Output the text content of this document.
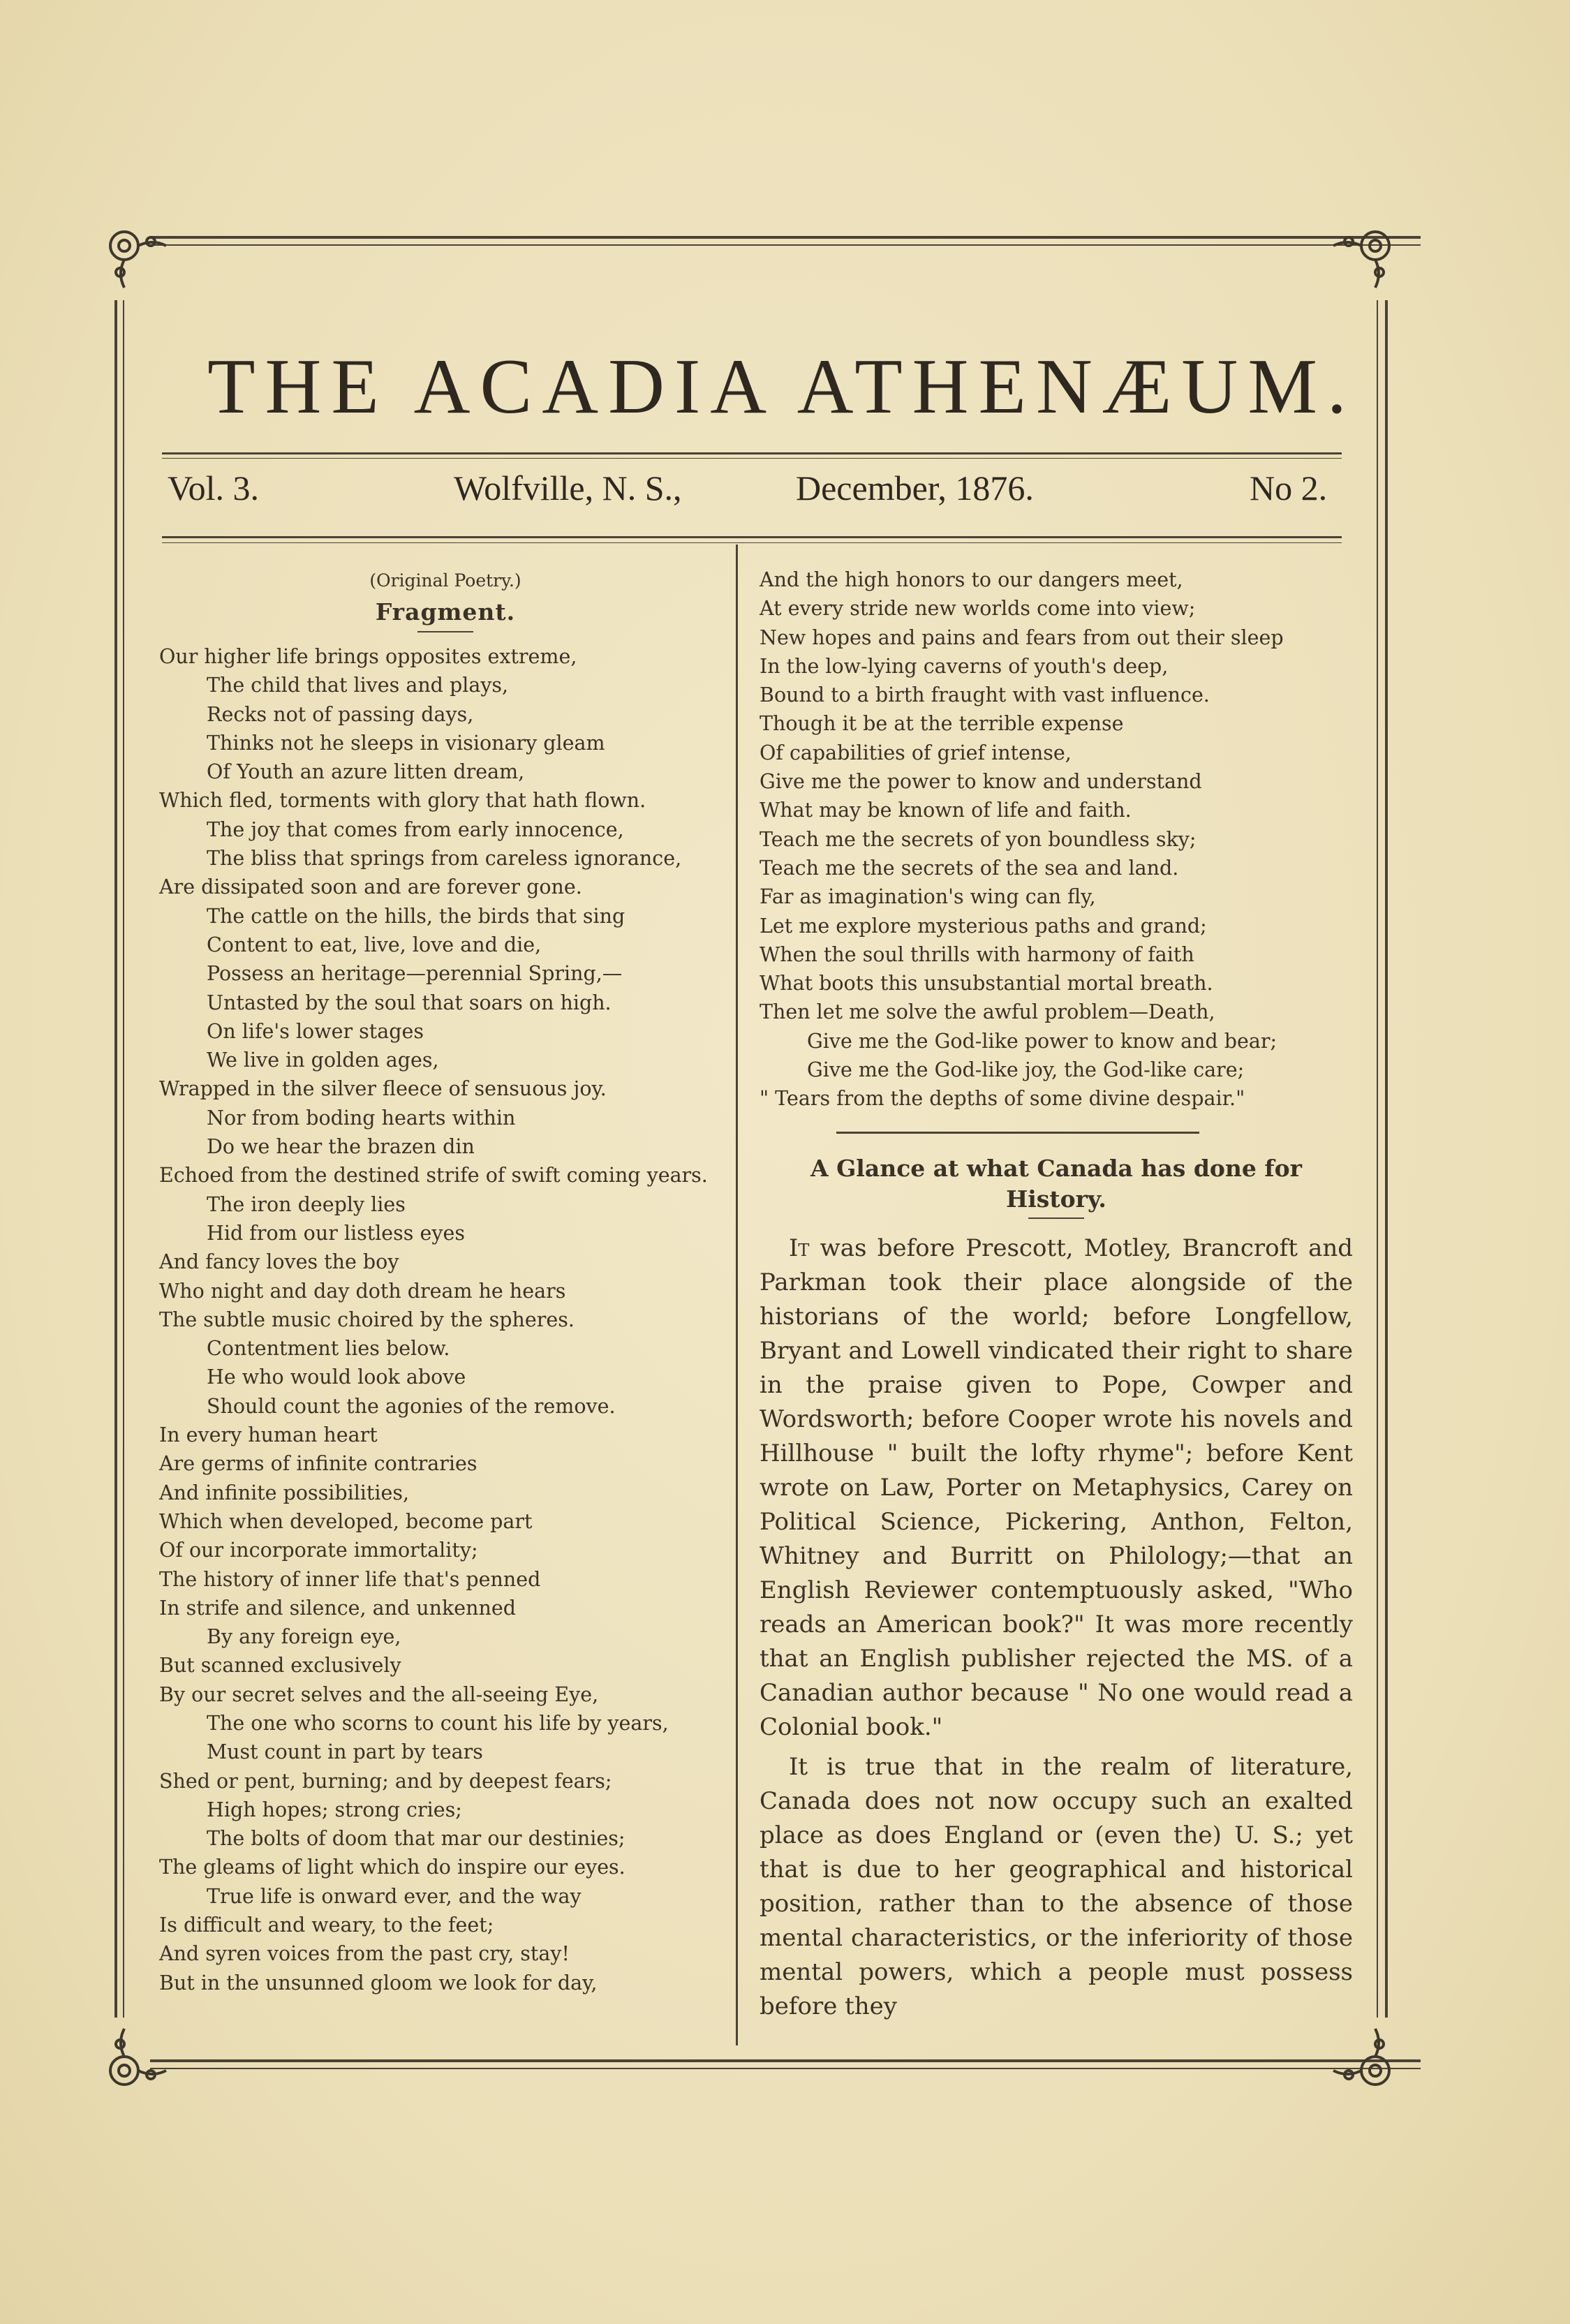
THE ACADIA ATHENÆUM.
Vol. 3.	Wolfville, N. S.,	December, 1876.	No 2.
(Original Poetry.)
Fragment.
Our higher life brings opposites extreme,
The child that lives and plays,
Recks not of passing days,
Thinks not he sleeps in visionary gleam
Of Youth an azure litten dream,
Which fled, torments with glory that hath flown.
The joy that comes from early innocence,
The bliss that springs from careless ignorance,
Are dissipated soon and are forever gone.
The cattle on the hills, the birds that sing
Content to eat, live, love and die,
Possess an heritage—perennial Spring,—
Untasted by the soul that soars on high.
On life's lower stages
We live in golden ages,
Wrapped in the silver fleece of sensuous joy.
Nor from boding hearts within
Do we hear the brazen din
Echoed from the destined strife of swift coming years.
The iron deeply lies
Hid from our listless eyes
And fancy loves the boy
Who night and day doth dream he hears
The subtle music choired by the spheres.
Contentment lies below.
He who would look above
Should count the agonies of the remove.
In every human heart
Are germs of infinite contraries
And infinite possibilities,
Which when developed, become part
Of our incorporate immortality;
The history of inner life that's penned
In strife and silence, and unkenned
By any foreign eye,
But scanned exclusively
By our secret selves and the all-seeing Eye,
The one who scorns to count his life by years,
Must count in part by tears
Shed or pent, burning; and by deepest fears;
High hopes; strong cries;
The bolts of doom that mar our destinies;
The gleams of light which do inspire our eyes.
True life is onward ever, and the way
Is difficult and weary, to the feet;
And syren voices from the past cry, stay!
But in the unsunned gloom we look for day,
And the high honors to our dangers meet,
At every stride new worlds come into view;
New hopes and pains and fears from out their sleep
In the low-lying caverns of youth's deep,
Bound to a birth fraught with vast influence.
Though it be at the terrible expense
Of capabilities of grief intense,
Give me the power to know and understand
What may be known of life and faith.
Teach me the secrets of yon boundless sky;
Teach me the secrets of the sea and land.
Far as imagination's wing can fly,
Let me explore mysterious paths and grand;
When the soul thrills with harmony of faith
What boots this unsubstantial mortal breath.
Then let me solve the awful problem—Death,
Give me the God-like power to know and bear;
Give me the God-like joy, the God-like care;
" Tears from the depths of some divine despair."
A Glance at what Canada has done for History.

It was before Prescott, Motley, Brancroft and Parkman took their place alongside of the historians of the world; before Longfellow, Bryant and Lowell vindicated their right to share in the praise given to Pope, Cowper and Wordsworth; before Cooper wrote his novels and Hillhouse " built the lofty rhyme"; before Kent wrote on Law, Porter on Metaphysics, Carey on Political Science, Pickering, Anthon, Felton, Whitney and Burritt on Philology;—that an English Reviewer contemptuously asked, "Who reads an American book?" It was more recently that an English publisher rejected the MS. of a Canadian author because " No one would read a Colonial book."

It is true that in the realm of literature, Canada does not now occupy such an exalted place as does England or (even the) U. S.; yet that is due to her geographical and historical position, rather than to the absence of those mental characteristics, or the inferiority of those mental powers, which a people must possess before they
